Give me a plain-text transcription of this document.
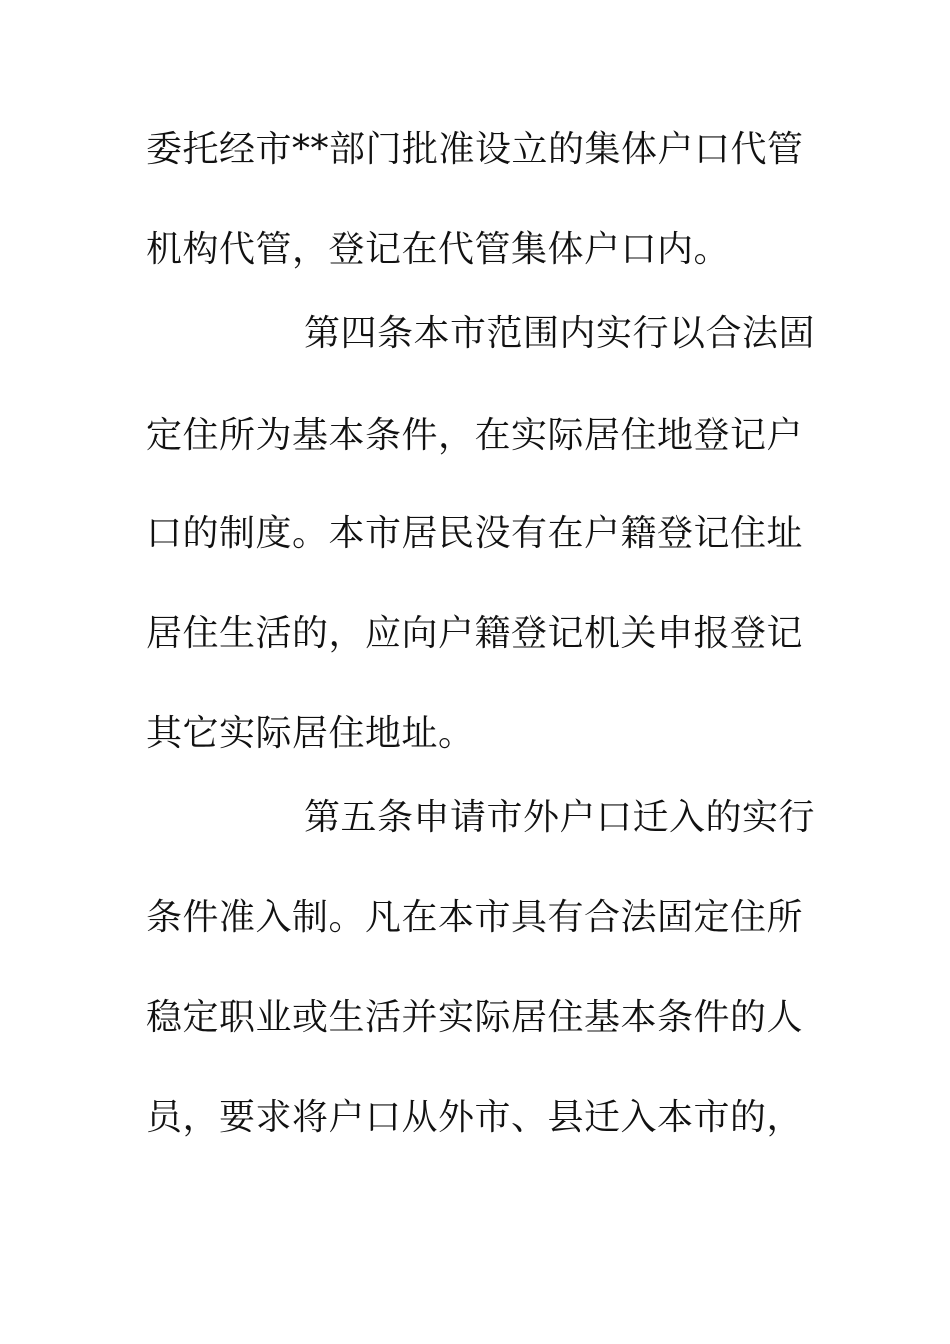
委托经市**部门批准设立的集体户口代管
机构代管，登记在代管集体户口内。
第四条本市范围内实行以合法固
定住所为基本条件，在实际居住地登记户
口的制度。本市居民没有在户籍登记住址
居住生活的，应向户籍登记机关申报登记
其它实际居住地址。
第五条申请市外户口迁入的实行
条件准入制。凡在本市具有合法固定住所
稳定职业或生活并实际居住基本条件的人
员，要求将户口从外市、县迁入本市的，
